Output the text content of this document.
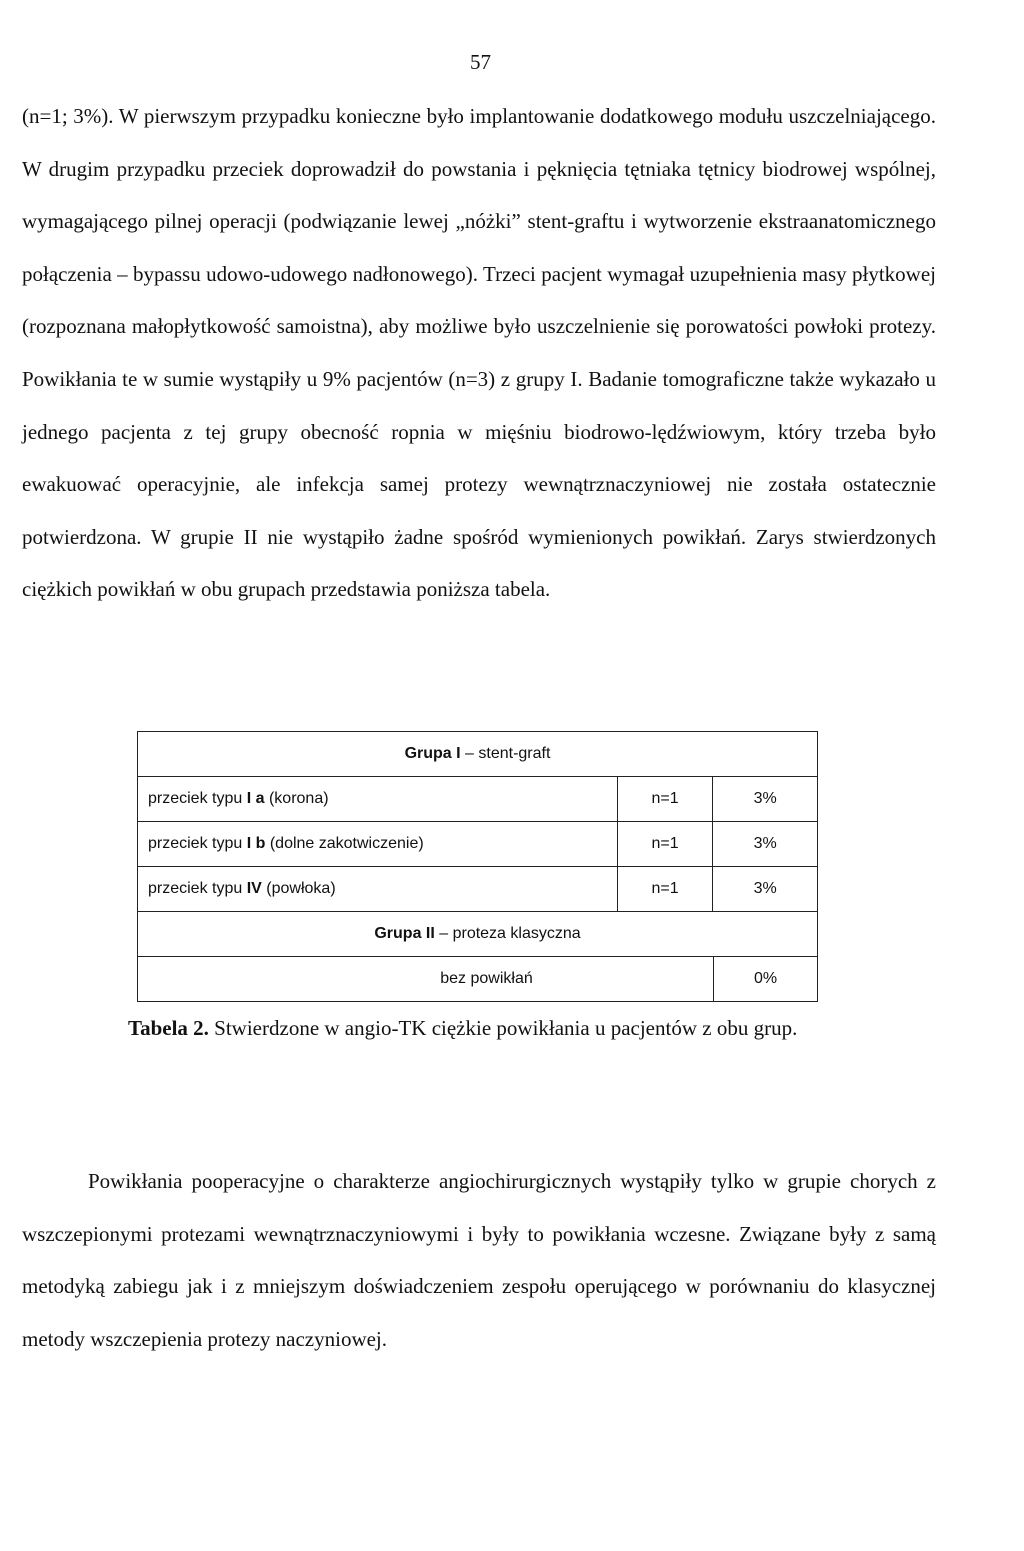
57

(n=1; 3%). W pierwszym przypadku konieczne było implantowanie dodatkowego modułu uszczelniającego. W drugim przypadku przeciek doprowadził do powstania i pęknięcia tętniaka tętnicy biodrowej wspólnej, wymagającego pilnej operacji (podwiązanie lewej „nóżki” stent-graftu i wytworzenie ekstraanatomicznego połączenia – bypassu udowo-udowego nadłonowego). Trzeci pacjent wymagał uzupełnienia masy płytkowej (rozpoznana małopłytkowość samoistna), aby możliwe było uszczelnienie się porowatości powłoki protezy. Powikłania te w sumie wystąpiły u 9% pacjentów (n=3) z grupy I. Badanie tomograficzne także wykazało u jednego pacjenta z tej grupy obecność ropnia w mięśniu biodrowo-lędźwiowym, który trzeba było ewakuować operacyjnie, ale infekcja samej protezy wewnątrznaczyniowej nie została ostatecznie potwierdzona. W grupie II nie wystąpiło żadne spośród wymienionych powikłań. Zarys stwierdzonych ciężkich powikłań w obu grupach przedstawia poniższa tabela.

Grupa I – stent-graft		
przeciek typu I a (korona)	n=1	3%
przeciek typu I b (dolne zakotwiczenie)	n=1	3%
przeciek typu IV (powłoka)	n=1	3%
Grupa II – proteza klasyczna		

bez powikłań 0%		

Tabela 2. Stwierdzone w angio-TK ciężkie powikłania u pacjentów z obu grup.

Powikłania pooperacyjne o charakterze angiochirurgicznych wystąpiły tylko w grupie chorych z wszczepionymi protezami wewnątrznaczyniowymi i były to powikłania wczesne. Związane były z samą metodyką zabiegu jak i z mniejszym doświadczeniem zespołu operującego w porównaniu do klasycznej metody wszczepienia protezy naczyniowej.
